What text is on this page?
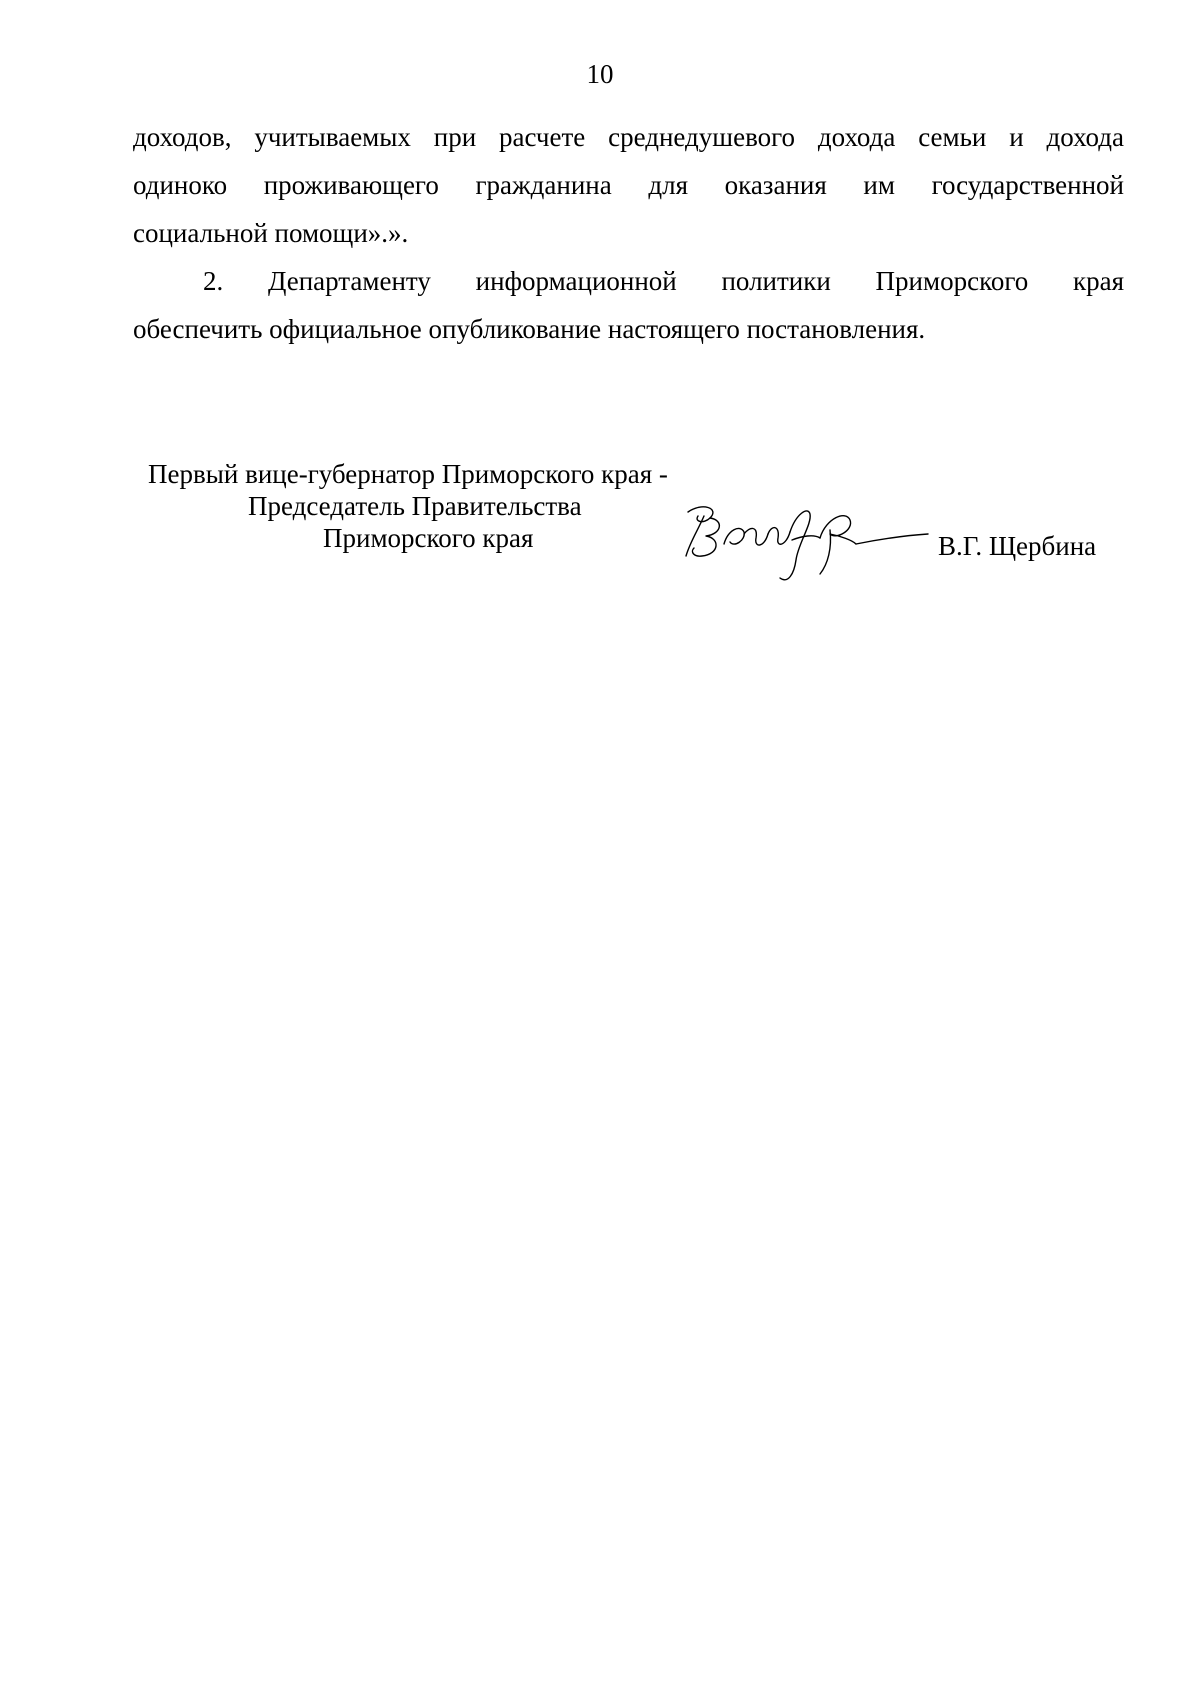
10

доходов, учитываемых при расчете среднедушевого дохода семьи и дохода
одиноко проживающего гражданина для оказания им государственной
социальной помощи».».

2. Департаменту информационной политики Приморского края
обеспечить официальное опубликование настоящего постановления.

Первый вице-губернатор Приморского края -
Председатель Правительства
Приморского края	В.Г. Щербина
